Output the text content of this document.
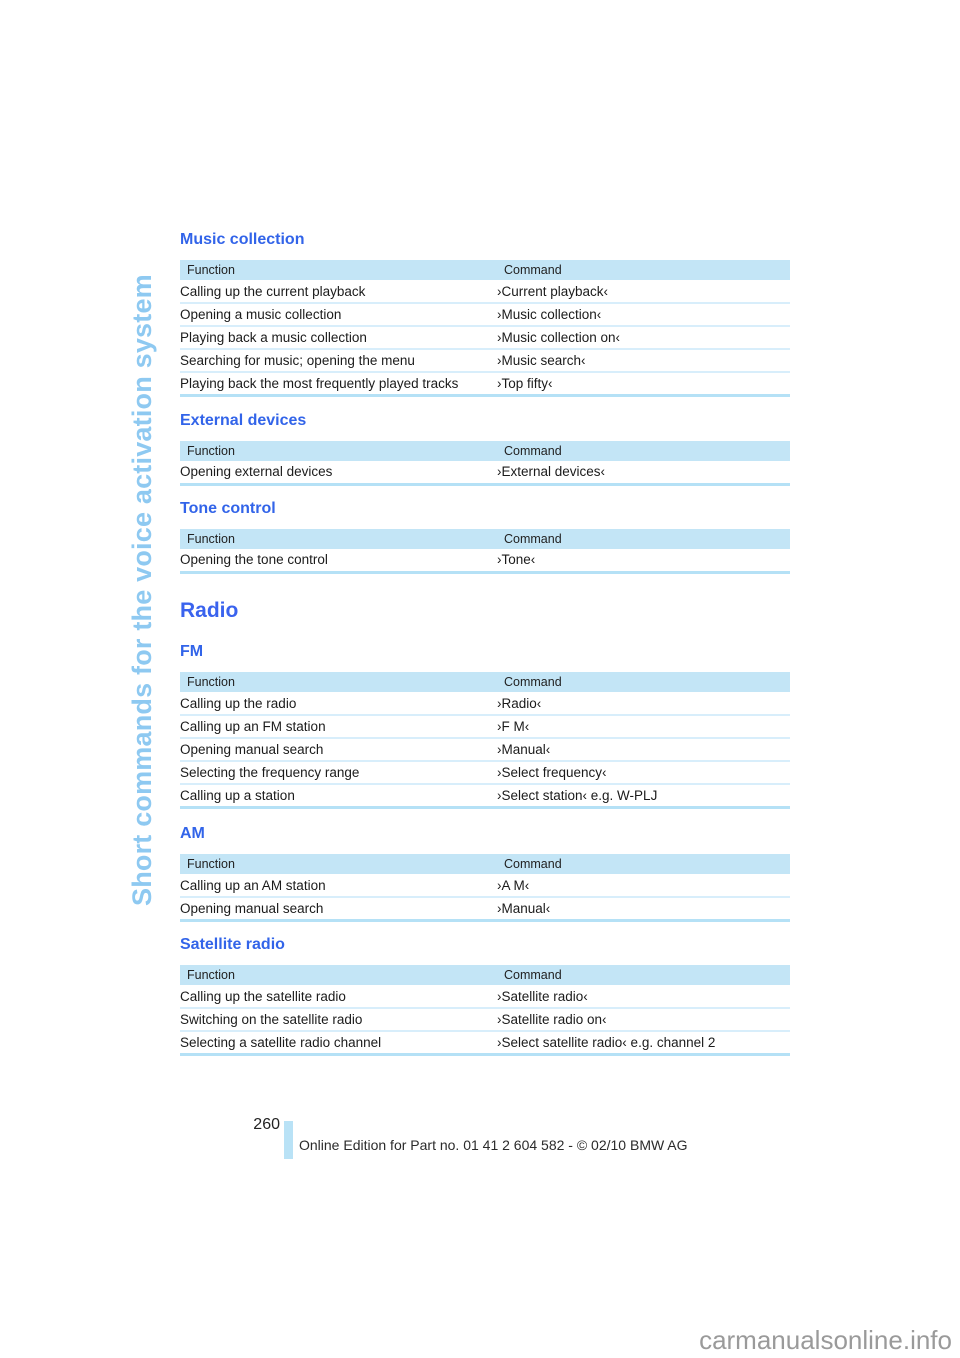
Short commands for the voice activation system
Music collection
Function	Command
Calling up the current playback	›Current playback‹
Opening a music collection	›Music collection‹
Playing back a music collection	›Music collection on‹
Searching for music; opening the menu	›Music search‹
Playing back the most frequently played tracks	›Top fifty‹
External devices
Function	Command
Opening external devices	›External devices‹
Tone control
Function	Command
Opening the tone control	›Tone‹
Radio
FM
Function	Command
Calling up the radio	›Radio‹
Calling up an FM station	›F M‹
Opening manual search	›Manual‹
Selecting the frequency range	›Select frequency‹
Calling up a station	›Select station‹ e.g. W-PLJ
AM
Function	Command
Calling up an AM station	›A M‹
Opening manual search	›Manual‹
Satellite radio
Function	Command
Calling up the satellite radio	›Satellite radio‹
Switching on the satellite radio	›Satellite radio on‹
Selecting a satellite radio channel	›Select satellite radio‹ e.g. channel 2
260
Online Edition for Part no. 01 41 2 604 582 - © 02/10 BMW AG
carmanualsonline.info
